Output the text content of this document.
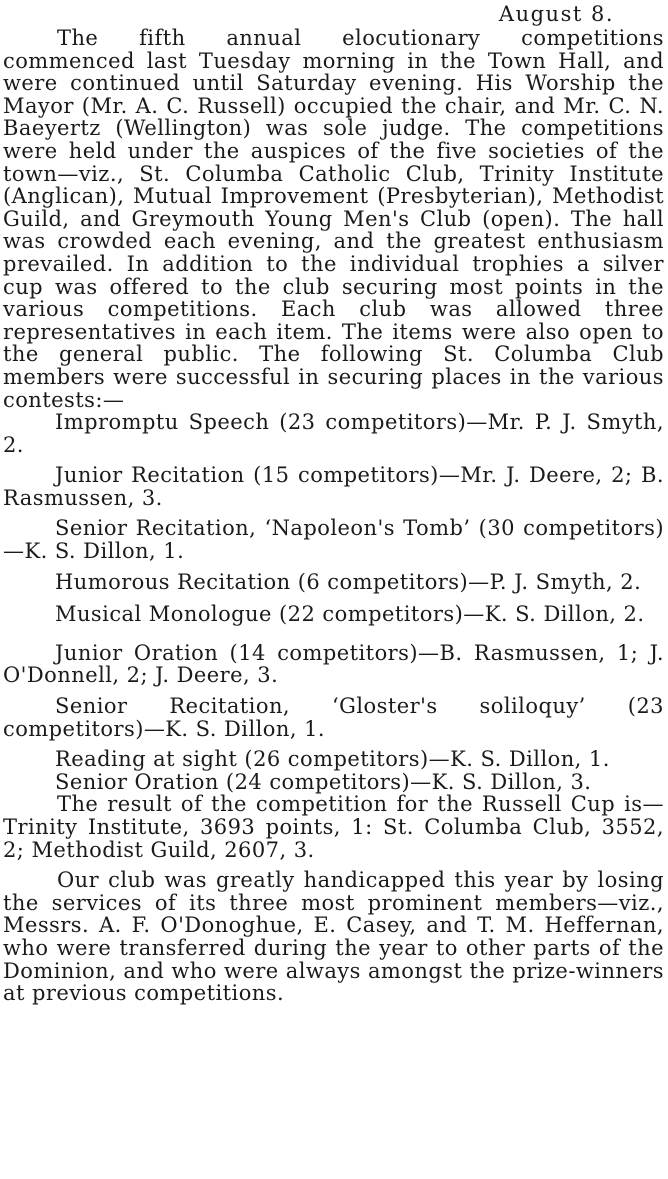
August 8.

The fifth annual elocutionary competitions commenced last Tuesday morning in the Town Hall, and were continued until Saturday evening. His Worship the Mayor (Mr. A. C. Russell) occupied the chair, and Mr. C. N. Baeyertz (Wellington) was sole judge. The competitions were held under the auspices of the five societies of the town—viz., St. Columba Catholic Club, Trinity Institute (Anglican), Mutual Improvement (Presbyterian), Methodist Guild, and Greymouth Young Men's Club (open). The hall was crowded each evening, and the greatest enthusiasm prevailed. In addition to the individual trophies a silver cup was offered to the club securing most points in the various competitions. Each club was allowed three representatives in each item. The items were also open to the general public. The following St. Columba Club members were successful in securing places in the various contests:—

Impromptu Speech (23 competitors)—Mr. P. J. Smyth, 2.

Junior Recitation (15 competitors)—Mr. J. Deere, 2; B. Rasmussen, 3.

Senior Recitation, ‘Napoleon's Tomb’ (30 competitors)—K. S. Dillon, 1.

Humorous Recitation (6 competitors)—P. J. Smyth, 2.

Musical Monologue (22 competitors)—K. S. Dillon, 2.

Junior Oration (14 competitors)—B. Rasmussen, 1; J. O'Donnell, 2; J. Deere, 3.

Senior Recitation, ‘Gloster's soliloquy’ (23 competitors)—K. S. Dillon, 1.

Reading at sight (26 competitors)—K. S. Dillon, 1.

Senior Oration (24 competitors)—K. S. Dillon, 3.

The result of the competition for the Russell Cup is—Trinity Institute, 3693 points, 1: St. Columba Club, 3552, 2; Methodist Guild, 2607, 3.

Our club was greatly handicapped this year by losing the services of its three most prominent members—viz., Messrs. A. F. O'Donoghue, E. Casey, and T. M. Heffernan, who were transferred during the year to other parts of the Dominion, and who were always amongst the prize-winners at previous competitions.
